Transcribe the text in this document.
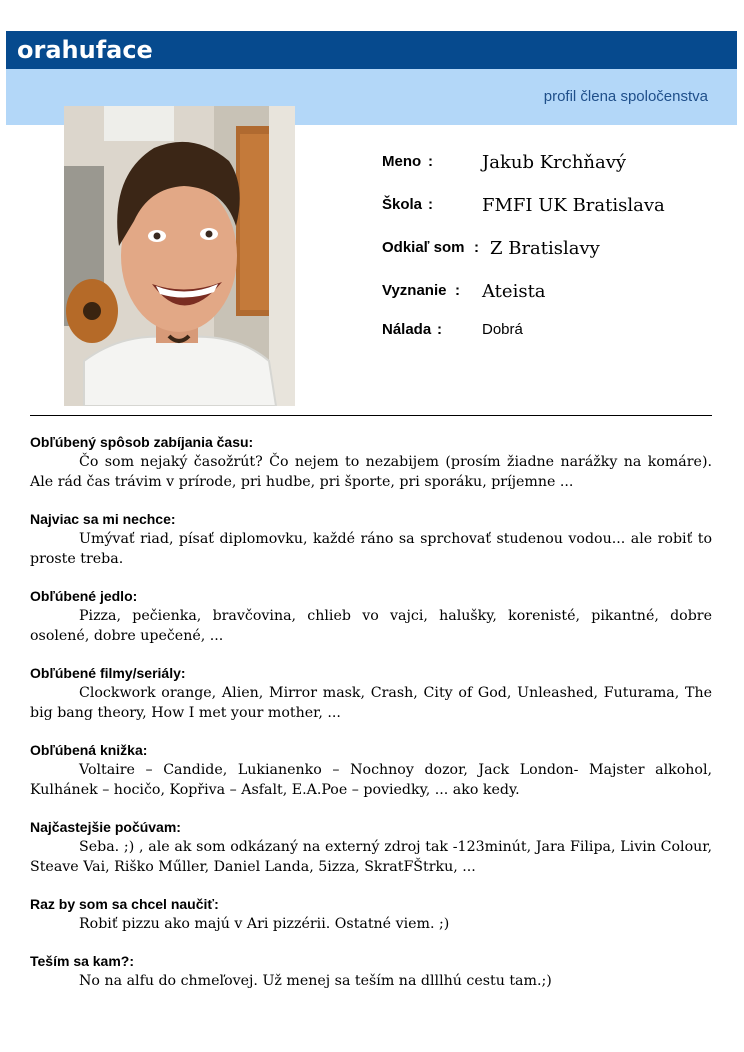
orahuface
profil člena spoločenstva
Meno :	Jakub Krchňavý
Škola :	FMFI UK Bratislava
Odkiaľ som : Z Bratislavy
Vyznanie : Ateista
Nálada :	Dobrá

Obľúbený spôsob zabíjania času:

Čo som nejaký časožrút? Čo nejem to nezabijem (prosím žiadne narážky na komáre). Ale rád čas trávim v prírode, pri hudbe, pri športe, pri sporáku, príjemne ...

Najviac sa mi nechce:

Umývať riad, písať diplomovku, každé ráno sa sprchovať studenou vodou... ale robiť to proste treba.

Obľúbené jedlo:

Pizza, pečienka, bravčovina, chlieb vo vajci, halušky, korenisté, pikantné, dobre osolené, dobre upečené, ...

Obľúbené filmy/seriály:

Clockwork orange, Alien, Mirror mask, Crash, City of God, Unleashed, Futurama, The big bang theory, How I met your mother, ...

Obľúbená knižka:

Voltaire – Candide, Lukianenko – Nochnoy dozor, Jack London- Majster alkohol, Kulhánek – hocičo, Kopřiva – Asfalt, E.A.Poe – poviedky, ... ako kedy.

Najčastejšie počúvam:

Seba. ;) , ale ak som odkázaný na externý zdroj tak -123minút, Jara Filipa, Livin Colour, Steave Vai, Riško Műller, Daniel Landa, 5izza, SkratFŠtrku, ...

Raz by som sa chcel naučiť:

Robiť pizzu ako majú v Ari pizzérii. Ostatné viem. ;)

Teším sa kam?:

No na alfu do chmeľovej. Už menej sa teším na dlllhú cestu tam.;)
